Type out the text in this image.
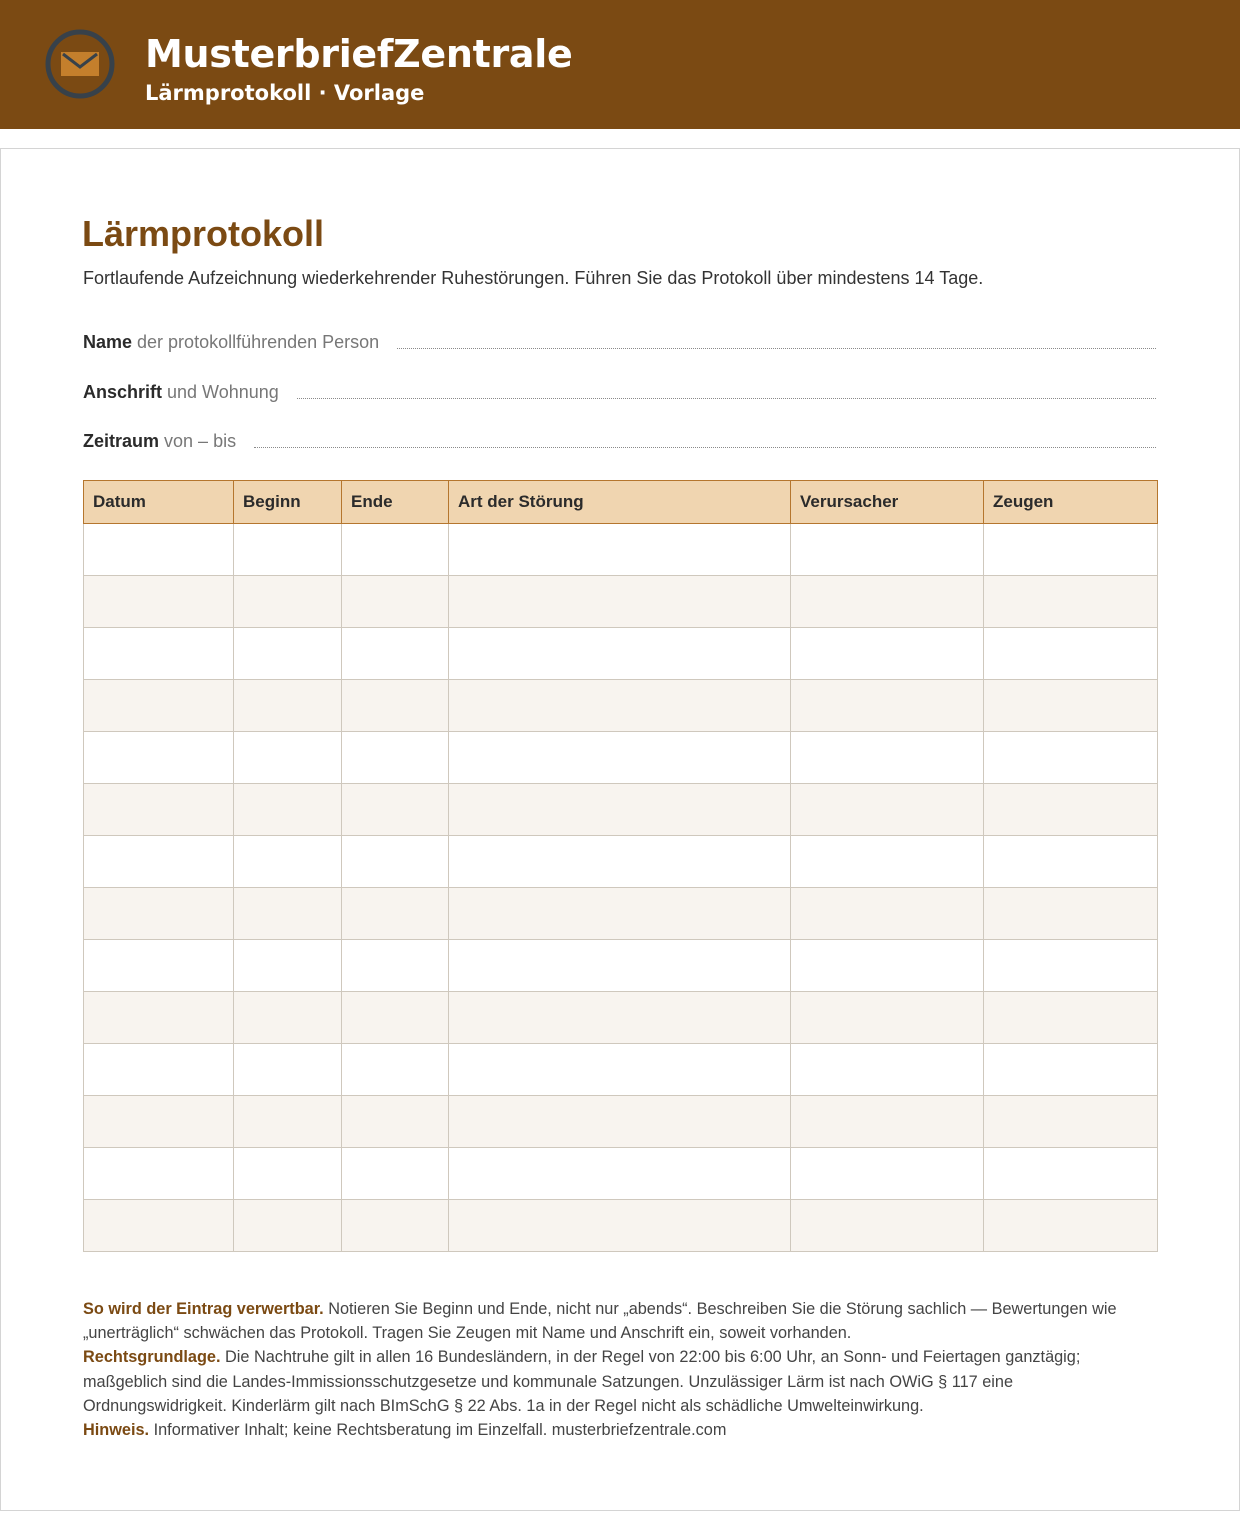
MusterbriefZentrale
Lärmprotokoll · Vorlage
Lärmprotokoll
Fortlaufende Aufzeichnung wiederkehrender Ruhestörungen. Führen Sie das Protokoll über mindestens 14 Tage.
Name der protokollführenden Person
Anschrift und Wohnung
Zeitraum von – bis
Datum	Beginn	Ende	Art der Störung	Verursacher	Zeugen

So wird der Eintrag verwertbar. Notieren Sie Beginn und Ende, nicht nur „abends“. Beschreiben Sie die Störung sachlich — Bewertungen wie „unerträglich“ schwächen das Protokoll. Tragen Sie Zeugen mit Name und Anschrift ein, soweit vorhanden.

Rechtsgrundlage. Die Nachtruhe gilt in allen 16 Bundesländern, in der Regel von 22:00 bis 6:00 Uhr, an Sonn- und Feiertagen ganztägig; maßgeblich sind die Landes-Immissionsschutzgesetze und kommunale Satzungen. Unzulässiger Lärm ist nach OWiG § 117 eine Ordnungswidrigkeit. Kinderlärm gilt nach BImSchG § 22 Abs. 1a in der Regel nicht als schädliche Umwelteinwirkung.

Hinweis. Informativer Inhalt; keine Rechtsberatung im Einzelfall. musterbriefzentrale.com
